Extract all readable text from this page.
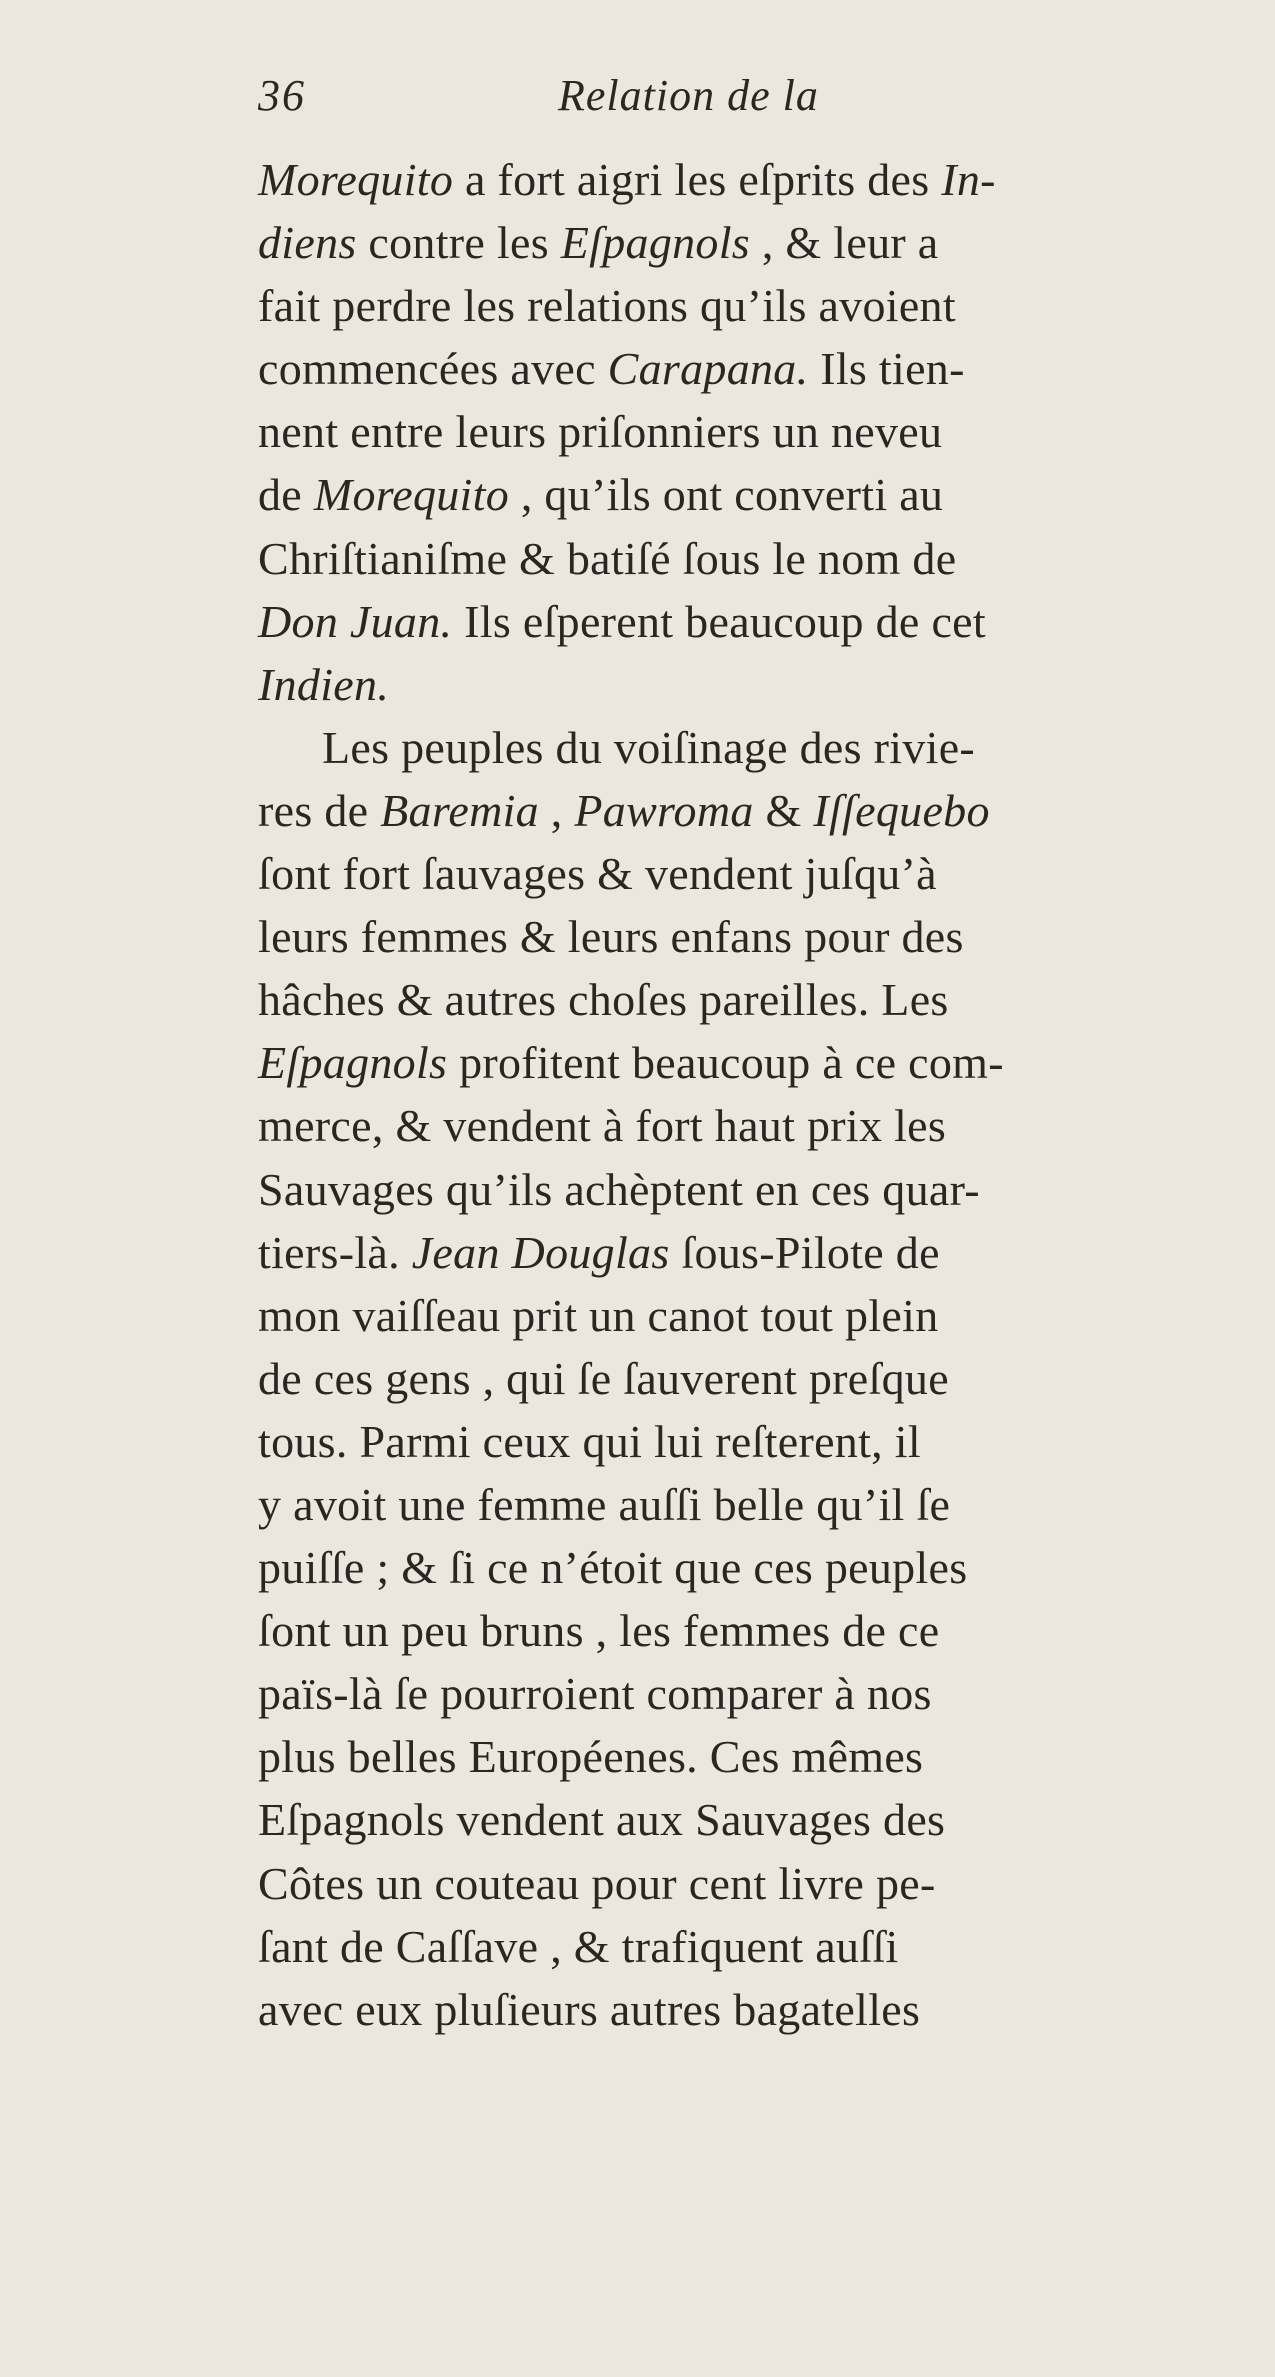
36	Relation de la
Morequito a fort aigri les eſprits des In-
diens contre les Eſpagnols , & leur a
fait perdre les relations qu’ils avoient
commencées avec Carapana. Ils tien-
nent entre leurs priſonniers un neveu
de Morequito , qu’ils ont converti au
Chriſtianiſme & batiſé ſous le nom de
Don Juan. Ils eſperent beaucoup de cet
Indien.
Les peuples du voiſinage des rivie-
res de Baremia , Pawroma & Iſſequebo
ſont fort ſauvages & vendent juſqu’à
leurs femmes & leurs enfans pour des
hâches & autres choſes pareilles. Les
Eſpagnols profitent beaucoup à ce com-
merce, & vendent à fort haut prix les
Sauvages qu’ils achèptent en ces quar-
tiers-là. Jean Douglas ſous-Pilote de
mon vaiſſeau prit un canot tout plein
de ces gens , qui ſe ſauverent preſque
tous. Parmi ceux qui lui reſterent, il
y avoit une femme auſſi belle qu’il ſe
puiſſe ; & ſi ce n’étoit que ces peuples
ſont un peu bruns , les femmes de ce
païs-là ſe pourroient comparer à nos
plus belles Européenes. Ces mêmes
Eſpagnols vendent aux Sauvages des
Côtes un couteau pour cent livre pe-
ſant de Caſſave , & trafiquent auſſi
avec eux pluſieurs autres bagatelles
